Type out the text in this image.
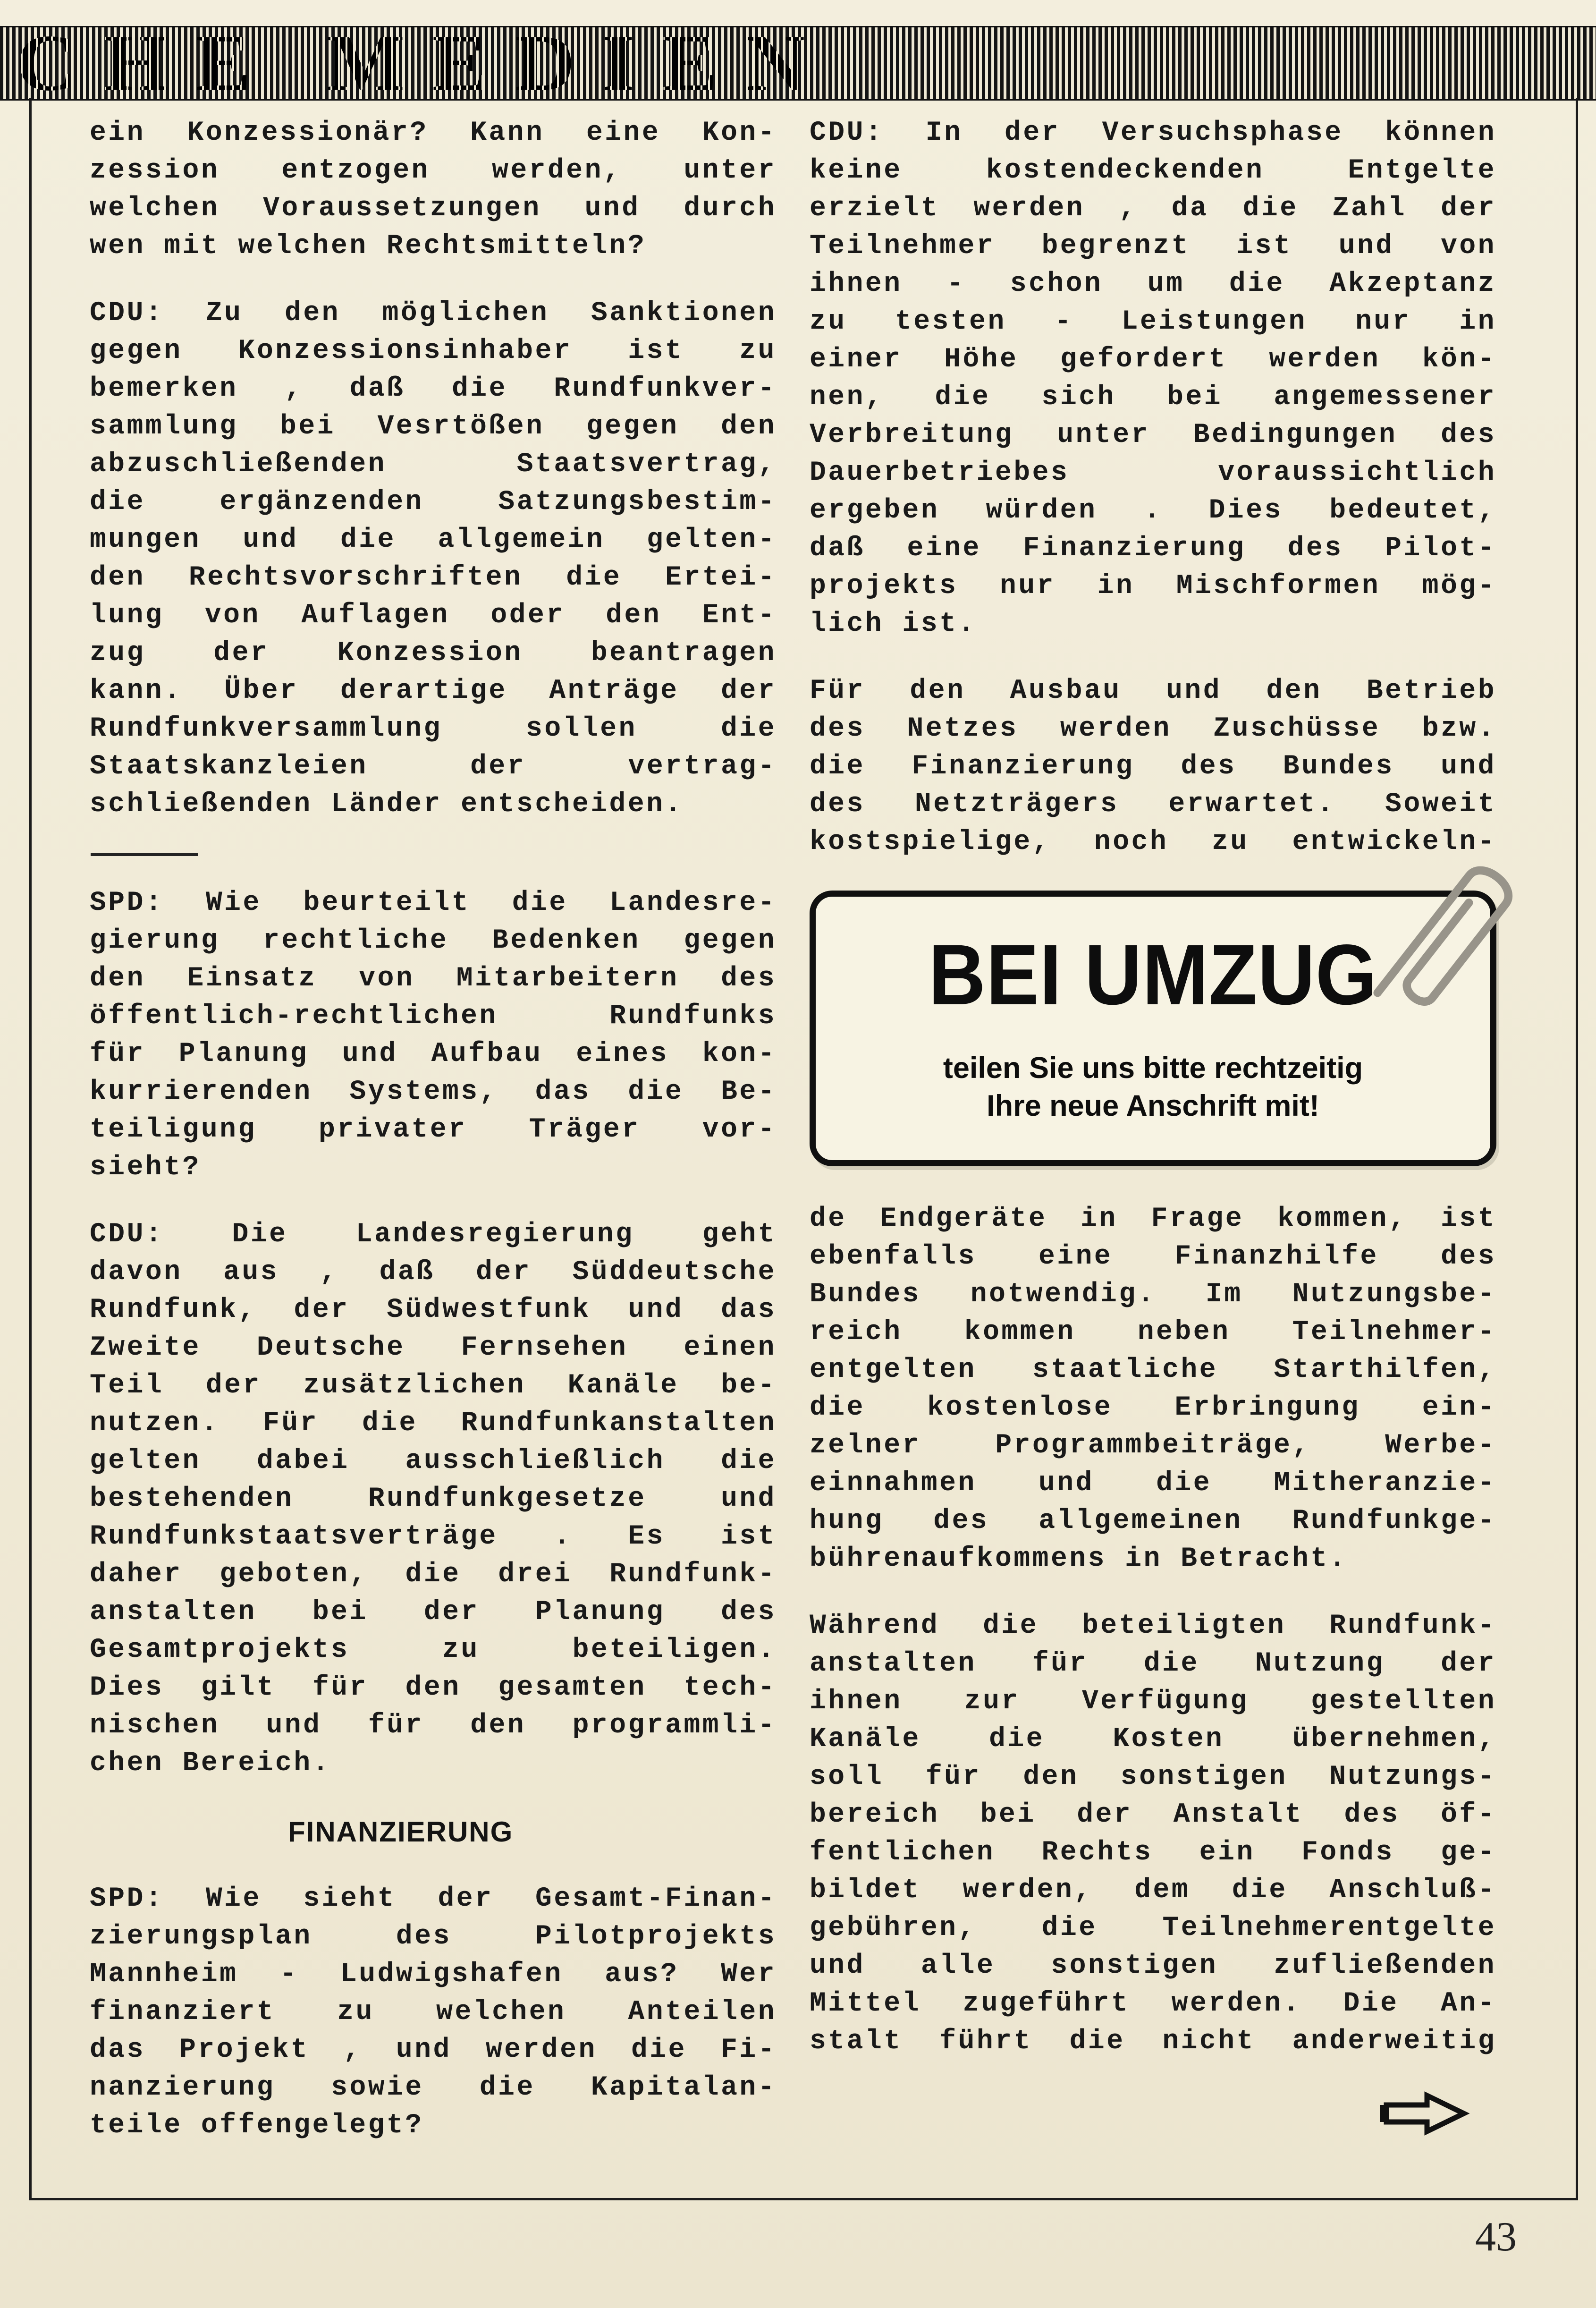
CHE MEDIEN
ein Konzessionär? Kann eine Kon-
zession entzogen werden, unter
welchen Voraussetzungen und durch
wen mit welchen Rechtsmitteln?
CDU: Zu den möglichen Sanktionen
gegen Konzessionsinhaber ist zu
bemerken , daß die Rundfunkver-
sammlung bei Vesrtößen gegen den
abzuschließenden Staatsvertrag,
die ergänzenden Satzungsbestim-
mungen und die allgemein gelten-
den Rechtsvorschriften die Ertei-
lung von Auflagen oder den Ent-
zug der Konzession beantragen
kann. Über derartige Anträge der
Rundfunkversammlung sollen die
Staatskanzleien der vertrag-
schließenden Länder entscheiden.
SPD: Wie beurteilt die Landesre-
gierung rechtliche Bedenken gegen
den Einsatz von Mitarbeitern des
öffentlich-rechtlichen Rundfunks
für Planung und Aufbau eines kon-
kurrierenden Systems, das die Be-
teiligung privater Träger vor-
sieht?
CDU: Die Landesregierung geht
davon aus , daß der Süddeutsche
Rundfunk, der Südwestfunk und das
Zweite Deutsche Fernsehen einen
Teil der zusätzlichen Kanäle be-
nutzen. Für die Rundfunkanstalten
gelten dabei ausschließlich die
bestehenden Rundfunkgesetze und
Rundfunkstaatsverträge . Es ist
daher geboten, die drei Rundfunk-
anstalten bei der Planung des
Gesamtprojekts zu beteiligen.
Dies gilt für den gesamten tech-
nischen und für den programmli-
chen Bereich.
FINANZIERUNG
SPD: Wie sieht der Gesamt-Finan-
zierungsplan des Pilotprojekts
Mannheim - Ludwigshafen aus? Wer
finanziert zu welchen Anteilen
das Projekt , und werden die Fi-
nanzierung sowie die Kapitalan-
teile offengelegt?
CDU: In der Versuchsphase können
keine kostendeckenden Entgelte
erzielt werden , da die Zahl der
Teilnehmer begrenzt ist und von
ihnen - schon um die Akzeptanz
zu testen - Leistungen nur in
einer Höhe gefordert werden kön-
nen, die sich bei angemessener
Verbreitung unter Bedingungen des
Dauerbetriebes voraussichtlich
ergeben würden . Dies bedeutet,
daß eine Finanzierung des Pilot-
projekts nur in Mischformen mög-
lich ist.
Für den Ausbau und den Betrieb
des Netzes werden Zuschüsse bzw.
die Finanzierung des Bundes und
des Netzträgers erwartet. Soweit
kostspielige, noch zu entwickeln-
BEI UMZUG
teilen Sie uns bitte rechtzeitig
Ihre neue Anschrift mit!
de Endgeräte in Frage kommen, ist
ebenfalls eine Finanzhilfe des
Bundes notwendig. Im Nutzungsbe-
reich kommen neben Teilnehmer-
entgelten staatliche Starthilfen,
die kostenlose Erbringung ein-
zelner Programmbeiträge, Werbe-
einnahmen und die Mitheranzie-
hung des allgemeinen Rundfunkge-
bührenaufkommens in Betracht.
Während die beteiligten Rundfunk-
anstalten für die Nutzung der
ihnen zur Verfügung gestellten
Kanäle die Kosten übernehmen,
soll für den sonstigen Nutzungs-
bereich bei der Anstalt des öf-
fentlichen Rechts ein Fonds ge-
bildet werden, dem die Anschluß-
gebühren, die Teilnehmerentgelte
und alle sonstigen zufließenden
Mittel zugeführt werden. Die An-
stalt führt die nicht anderweitig
43
